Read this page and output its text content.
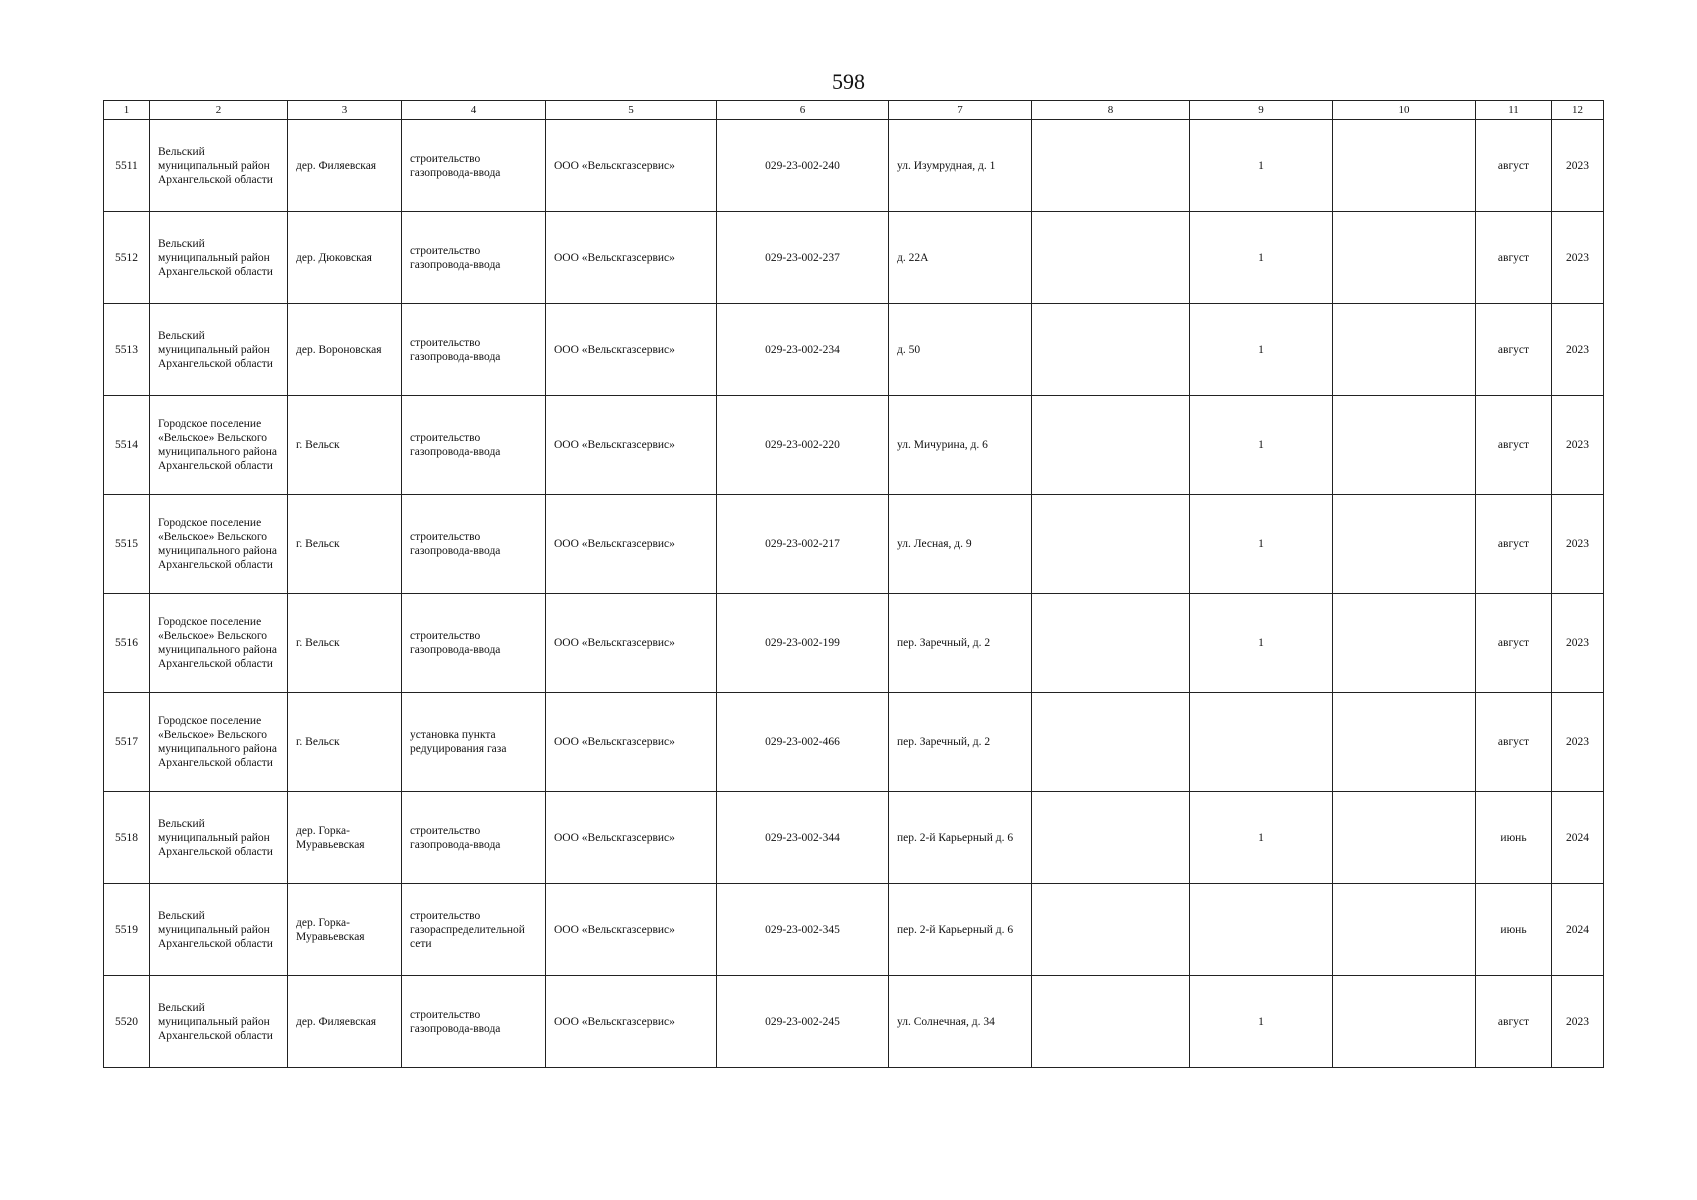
598
1	2	3	4	5	6	7	8	9	10	11	12
5511	Вельский муниципальный район Архангельской области	дер. Филяевская	строительство газопровода-ввода	ООО «Вельскгазсервис»	029-23-002-240	ул. Изумрудная, д. 1		1		август	2023
5512	Вельский муниципальный район Архангельской области	дер. Дюковская	строительство газопровода-ввода	ООО «Вельскгазсервис»	029-23-002-237	д. 22А		1		август	2023
5513	Вельский муниципальный район Архангельской области	дер. Вороновская	строительство газопровода-ввода	ООО «Вельскгазсервис»	029-23-002-234	д. 50		1		август	2023
5514	Городское поселение «Вельское» Вельского муниципального района Архангельской области	г. Вельск	строительство газопровода-ввода	ООО «Вельскгазсервис»	029-23-002-220	ул. Мичурина, д. 6		1		август	2023
5515	Городское поселение «Вельское» Вельского муниципального района Архангельской области	г. Вельск	строительство газопровода-ввода	ООО «Вельскгазсервис»	029-23-002-217	ул. Лесная, д. 9		1		август	2023
5516	Городское поселение «Вельское» Вельского муниципального района Архангельской области	г. Вельск	строительство газопровода-ввода	ООО «Вельскгазсервис»	029-23-002-199	пер. Заречный, д. 2		1		август	2023
5517	Городское поселение «Вельское» Вельского муниципального района Архангельской области	г. Вельск	установка пункта редуцирования газа	ООО «Вельскгазсервис»	029-23-002-466	пер. Заречный, д. 2				август	2023
5518	Вельский муниципальный район Архангельской области	дер. Горка-Муравьевская	строительство газопровода-ввода	ООО «Вельскгазсервис»	029-23-002-344	пер. 2-й Карьерный д. 6		1		июнь	2024
5519	Вельский муниципальный район Архангельской области	дер. Горка-Муравьевская	строительство газораспределительной сети	ООО «Вельскгазсервис»	029-23-002-345	пер. 2-й Карьерный д. 6				июнь	2024
5520	Вельский муниципальный район Архангельской области	дер. Филяевская	строительство газопровода-ввода	ООО «Вельскгазсервис»	029-23-002-245	ул. Солнечная, д. 34		1		август	2023
